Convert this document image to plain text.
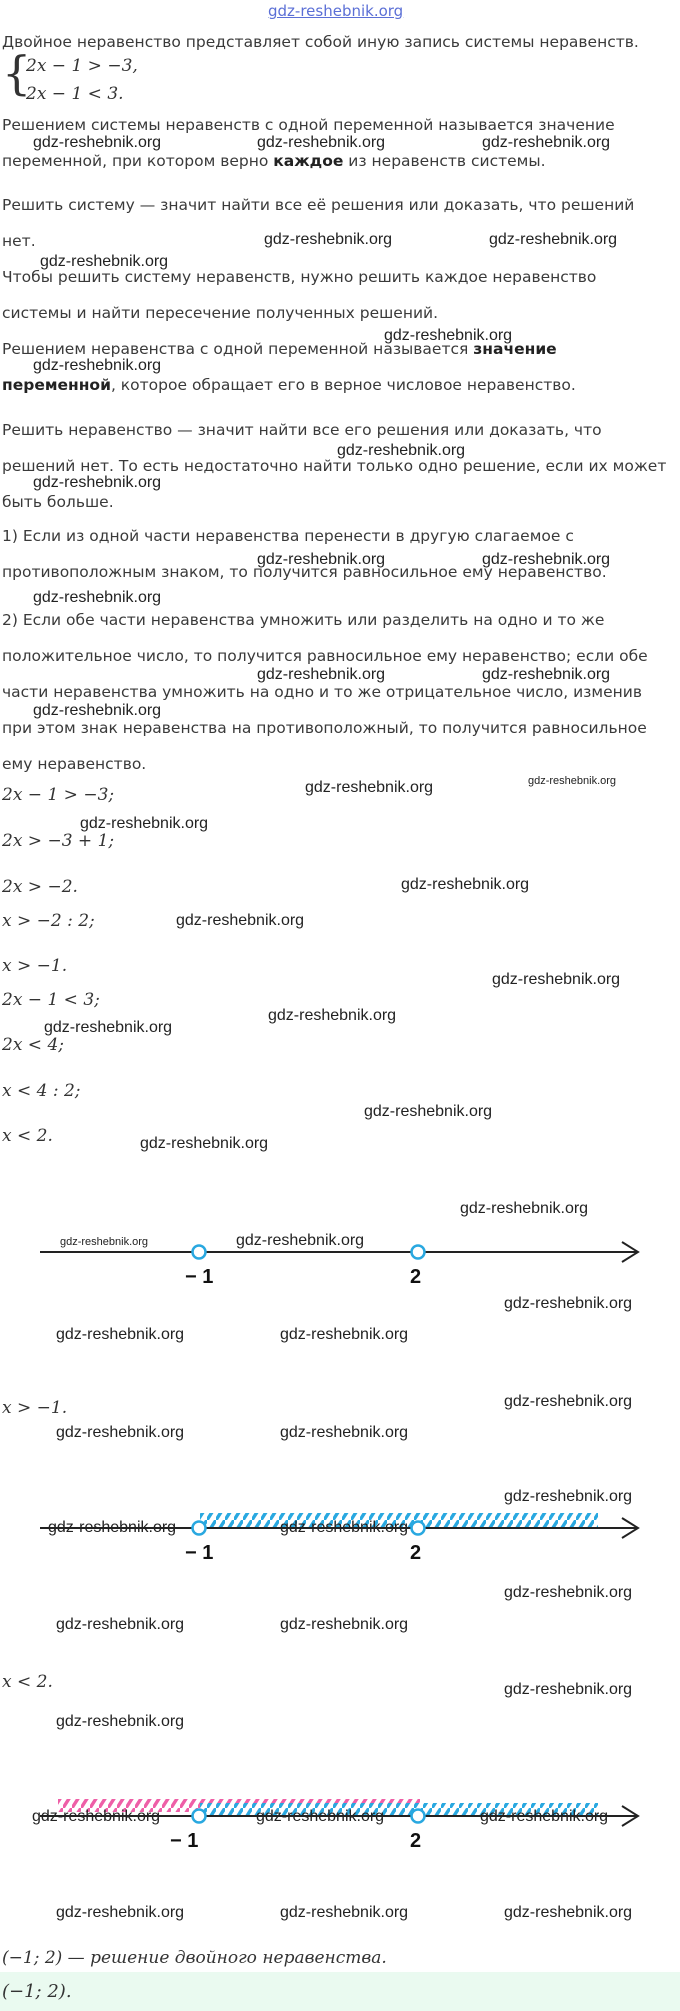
gdz-reshebnik.org
Двойное неравенство представляет собой иную запись системы неравенств.
{
2x − 1 > −3,
2x − 1 < 3.
Решением системы неравенств с одной переменной называется значение
переменной, при котором верно каждое из неравенств системы.
Решить систему — значит найти все её решения или доказать, что решений
нет.
Чтобы решить систему неравенств, нужно решить каждое неравенство
системы и найти пересечение полученных решений.
Решением неравенства с одной переменной называется значение
переменной, которое обращает его в верное числовое неравенство.
Решить неравенство — значит найти все его решения или доказать, что
решений нет. То есть недостаточно найти только одно решение, если их может
быть больше.
1) Если из одной части неравенства перенести в другую слагаемое с
противоположным знаком, то получится равносильное ему неравенство.
2) Если обе части неравенства умножить или разделить на одно и то же
положительное число, то получится равносильное ему неравенство; если обе
части неравенства умножить на одно и то же отрицательное число, изменив
при этом знак неравенства на противоположный, то получится равносильное
ему неравенство.
2x − 1 > −3;
2x > −3 + 1;
2x > −2.
x > −2 : 2;
x > −1.
2x − 1 < 3;
2x < 4;
x < 4 : 2;
x < 2.
− 1	2
x > −1.
− 1	2
x < 2.
− 1	2
(−1; 2) — решение двойного неравенства.
(−1; 2).
gdz-reshebnik.org	gdz-reshebnik.org	gdz-reshebnik.org
gdz-reshebnik.org	gdz-reshebnik.org
gdz-reshebnik.org
gdz-reshebnik.org
gdz-reshebnik.org
gdz-reshebnik.org
gdz-reshebnik.org
gdz-reshebnik.org	gdz-reshebnik.org
gdz-reshebnik.org
gdz-reshebnik.org	gdz-reshebnik.org
gdz-reshebnik.org
gdz-reshebnik.org	gdz-reshebnik.org
gdz-reshebnik.org
gdz-reshebnik.org
gdz-reshebnik.org
gdz-reshebnik.org
gdz-reshebnik.org
gdz-reshebnik.org
gdz-reshebnik.org
gdz-reshebnik.org
gdz-reshebnik.org
gdz-reshebnik.org	gdz-reshebnik.org
gdz-reshebnik.org
gdz-reshebnik.org	gdz-reshebnik.org
gdz-reshebnik.org
gdz-reshebnik.org	gdz-reshebnik.org
gdz-reshebnik.org
gdz-reshebnik.org	gdz-reshebnik.org
gdz-reshebnik.org
gdz-reshebnik.org	gdz-reshebnik.org
gdz-reshebnik.org
gdz-reshebnik.org
gdz-reshebnik.org	gdz-reshebnik.org	gdz-reshebnik.org
gdz-reshebnik.org	gdz-reshebnik.org	gdz-reshebnik.org
